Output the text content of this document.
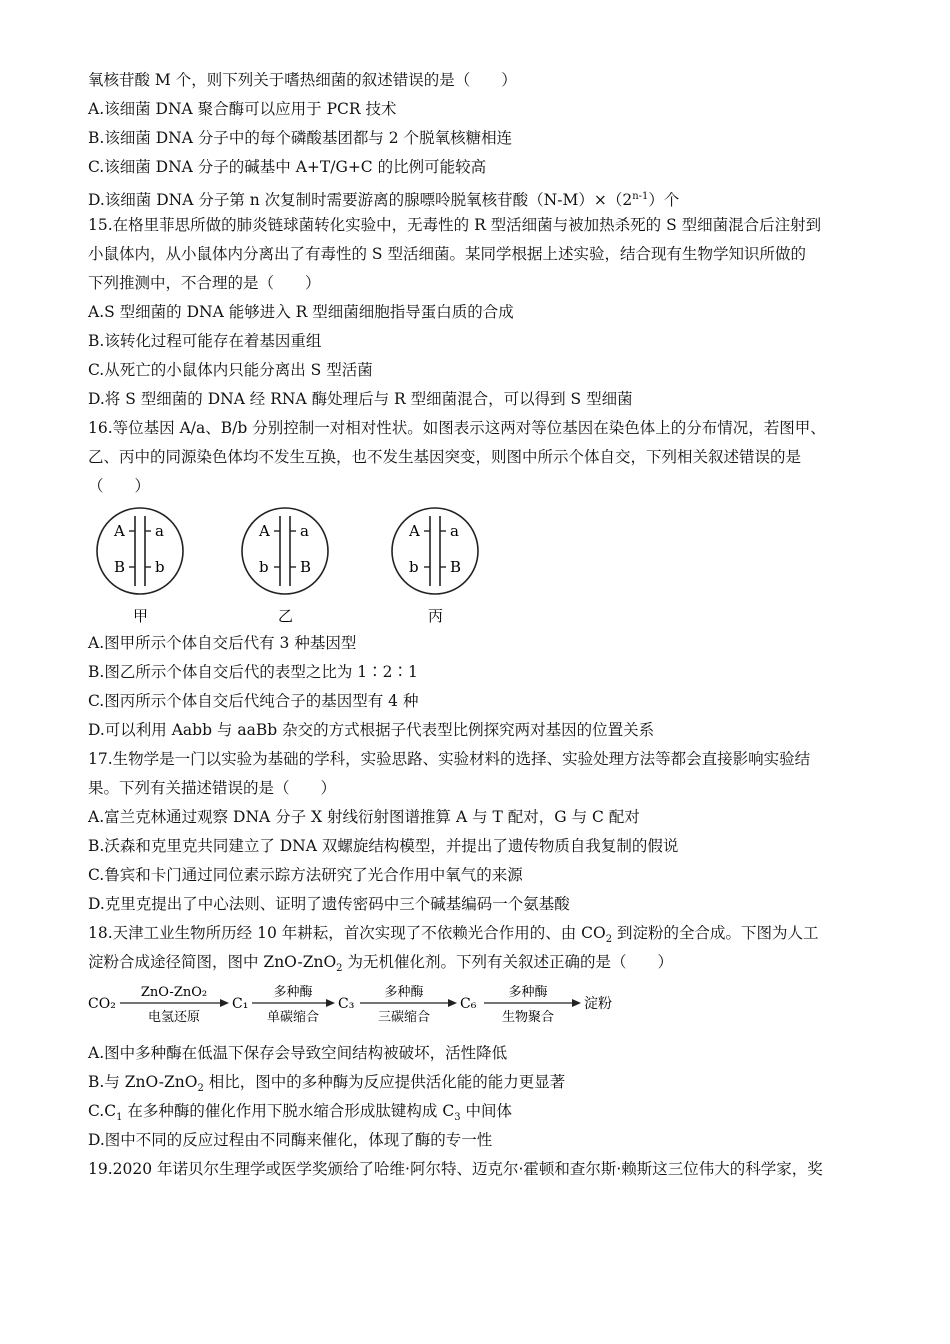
氧核苷酸 M 个，则下列关于嗜热细菌的叙述错误的是（　　）
A.该细菌 DNA 聚合酶可以应用于 PCR 技术
B.该细菌 DNA 分子中的每个磷酸基团都与 2 个脱氧核糖相连
C.该细菌 DNA 分子的碱基中 A+T/G+C 的比例可能较高
D.该细菌 DNA 分子第 n 次复制时需要游离的腺嘌呤脱氧核苷酸$(N-M)\times(2^{n-1})$个
15.在格里菲思所做的肺炎链球菌转化实验中，无毒性的 R 型活细菌与被加热杀死的 S 型细菌混合后注射到
小鼠体内，从小鼠体内分离出了有毒性的 S 型活细菌。某同学根据上述实验，结合现有生物学知识所做的
下列推测中，不合理的是（　　）
A.S 型细菌的 DNA 能够进入 R 型细菌细胞指导蛋白质的合成
B.该转化过程可能存在着基因重组
C.从死亡的小鼠体内只能分离出 S 型活菌
D.将 S 型细菌的 DNA 经 RNA 酶处理后与 R 型细菌混合，可以得到 S 型细菌
16.等位基因 A/a、B/b 分别控制一对相对性状。如图表示这两对等位基因在染色体上的分布情况，若图甲、
乙、丙中的同源染色体均不发生互换，也不发生基因突变，则图中所示个体自交，下列相关叙述错误的是
（　　）
A a
B b
甲
A a
b B
乙
A a
b B
丙
A.图甲所示个体自交后代有 3 种基因型
B.图乙所示个体自交后代的表型之比为 1∶2∶1
C.图丙所示个体自交后代纯合子的基因型有 4 种
D.可以利用 Aabb 与 aaBb 杂交的方式根据子代表型比例探究两对基因的位置关系
17.生物学是一门以实验为基础的学科，实验思路、实验材料的选择、实验处理方法等都会直接影响实验结
果。下列有关描述错误的是（　　）
A.富兰克林通过观察 DNA 分子 X 射线衍射图谱推算 A 与 T 配对，G 与 C 配对
B.沃森和克里克共同建立了 DNA 双螺旋结构模型，并提出了遗传物质自我复制的假说
C.鲁宾和卡门通过同位素示踪方法研究了光合作用中氧气的来源
D.克里克提出了中心法则、证明了遗传密码中三个碱基编码一个氨基酸
18.天津工业生物所历经 10 年耕耘，首次实现了不依赖光合作用的、由 $CO_2$ 到淀粉的全合成。下图为人工
淀粉合成途径简图，图中 ZnO-ZnO$_2$ 为无机催化剂。下列有关叙述正确的是（　　）
CO₂
ZnO-ZnO₂
电氢还原
C₁
多种酶
单碳缩合
C₃
多种酶
三碳缩合
C₆
多种酶
生物聚合
淀粉
A.图中多种酶在低温下保存会导致空间结构被破坏，活性降低
B.与 ZnO-ZnO$_2$ 相比，图中的多种酶为反应提供活化能的能力更显著
$C.C_1$ 在多种酶的催化作用下脱水缩合形成肽键构成 $C_3$ 中间体
D.图中不同的反应过程由不同酶来催化，体现了酶的专一性
19.2020 年诺贝尔生理学或医学奖颁给了哈维·阿尔特、迈克尔·霍顿和查尔斯·赖斯这三位伟大的科学家，奖
